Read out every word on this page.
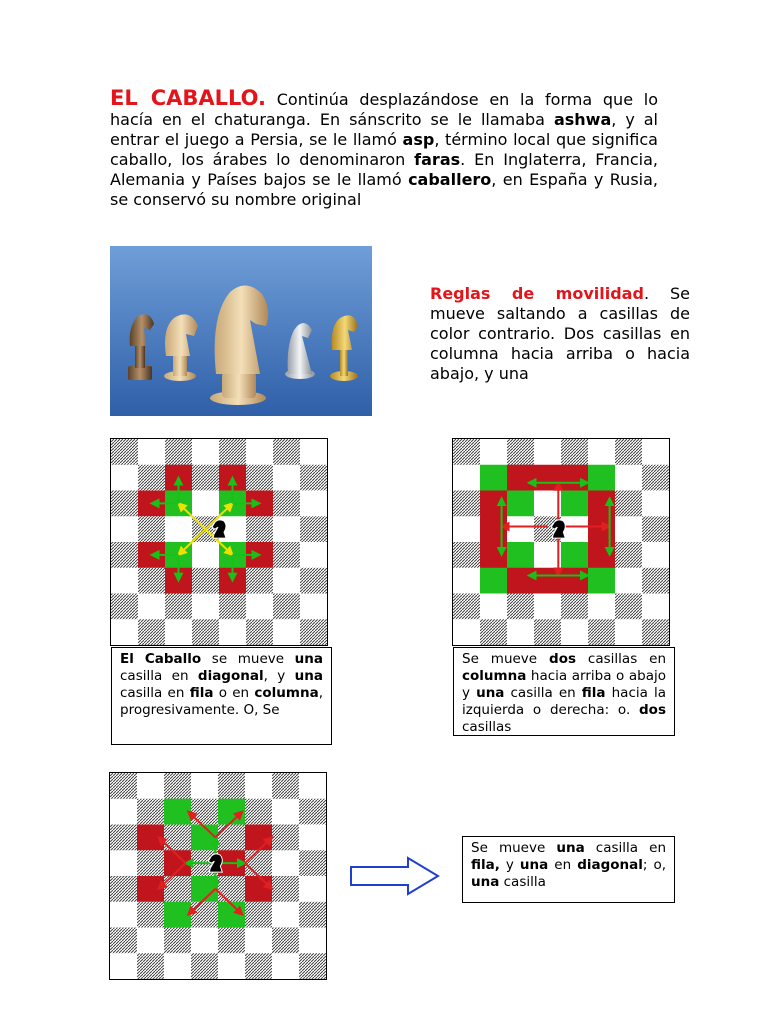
EL CABALLO. Continúa desplazándose en la forma que lo hacía en el chaturanga. En sánscrito se le llamaba ashwa, y al entrar el juego a Persia, se le llamó asp, término local que significa caballo, los árabes lo denominaron faras. En Inglaterra, Francia, Alemania y Países bajos se le llamó caballero, en España y Rusia, se conservó su nombre original
Reglas de movilidad. Se mueve saltando a casillas de color contrario. Dos casillas en columna hacia arriba o hacia abajo, y una
El Caballo se mueve una casilla en diagonal, y una casilla en fila o en columna, progresivamente. O, Se
Se mueve dos casillas en columna hacia arriba o abajo y una casilla en fila hacia la izquierda o derecha: o. dos casillas
Se mueve una casilla en fila, y una en diagonal; o, una casilla
